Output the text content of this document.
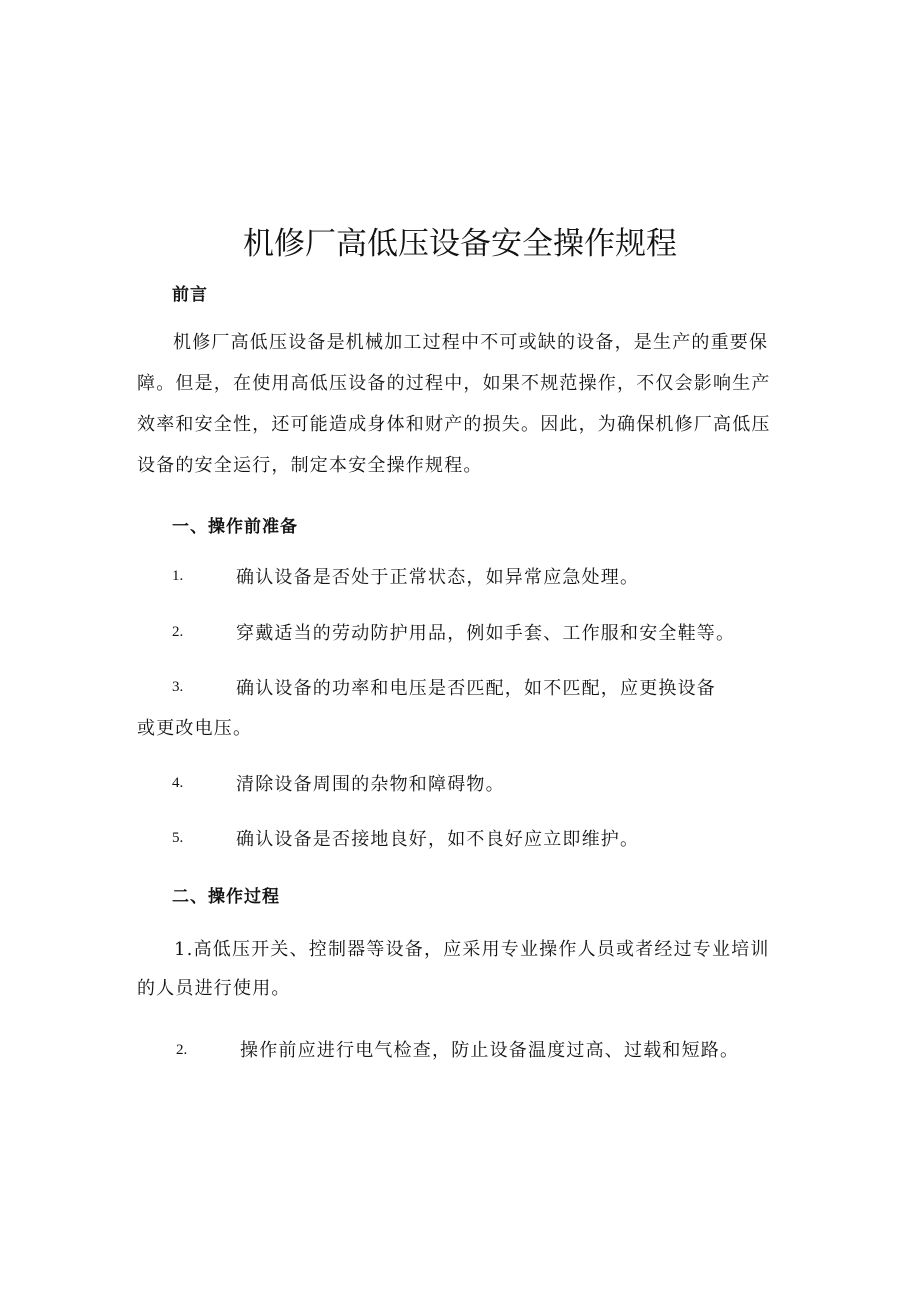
机修厂高低压设备安全操作规程
前言
机修厂高低压设备是机械加工过程中不可或缺的设备，是生产的重要保障。但是，在使用高低压设备的过程中，如果不规范操作，不仅会影响生产效率和安全性，还可能造成身体和财产的损失。因此，为确保机修厂高低压设备的安全运行，制定本安全操作规程。
一、操作前准备
1.	确认设备是否处于正常状态，如异常应急处理。
2.	穿戴适当的劳动防护用品，例如手套、工作服和安全鞋等。
3.	确认设备的功率和电压是否匹配，如不匹配，应更换设备
或更改电压。
4.	清除设备周围的杂物和障碍物。
5.	确认设备是否接地良好，如不良好应立即维护。
二、操作过程
1.高低压开关、控制器等设备，应采用专业操作人员或者经过专业培训
的人员进行使用。
2.	操作前应进行电气检查，防止设备温度过高、过载和短路。
